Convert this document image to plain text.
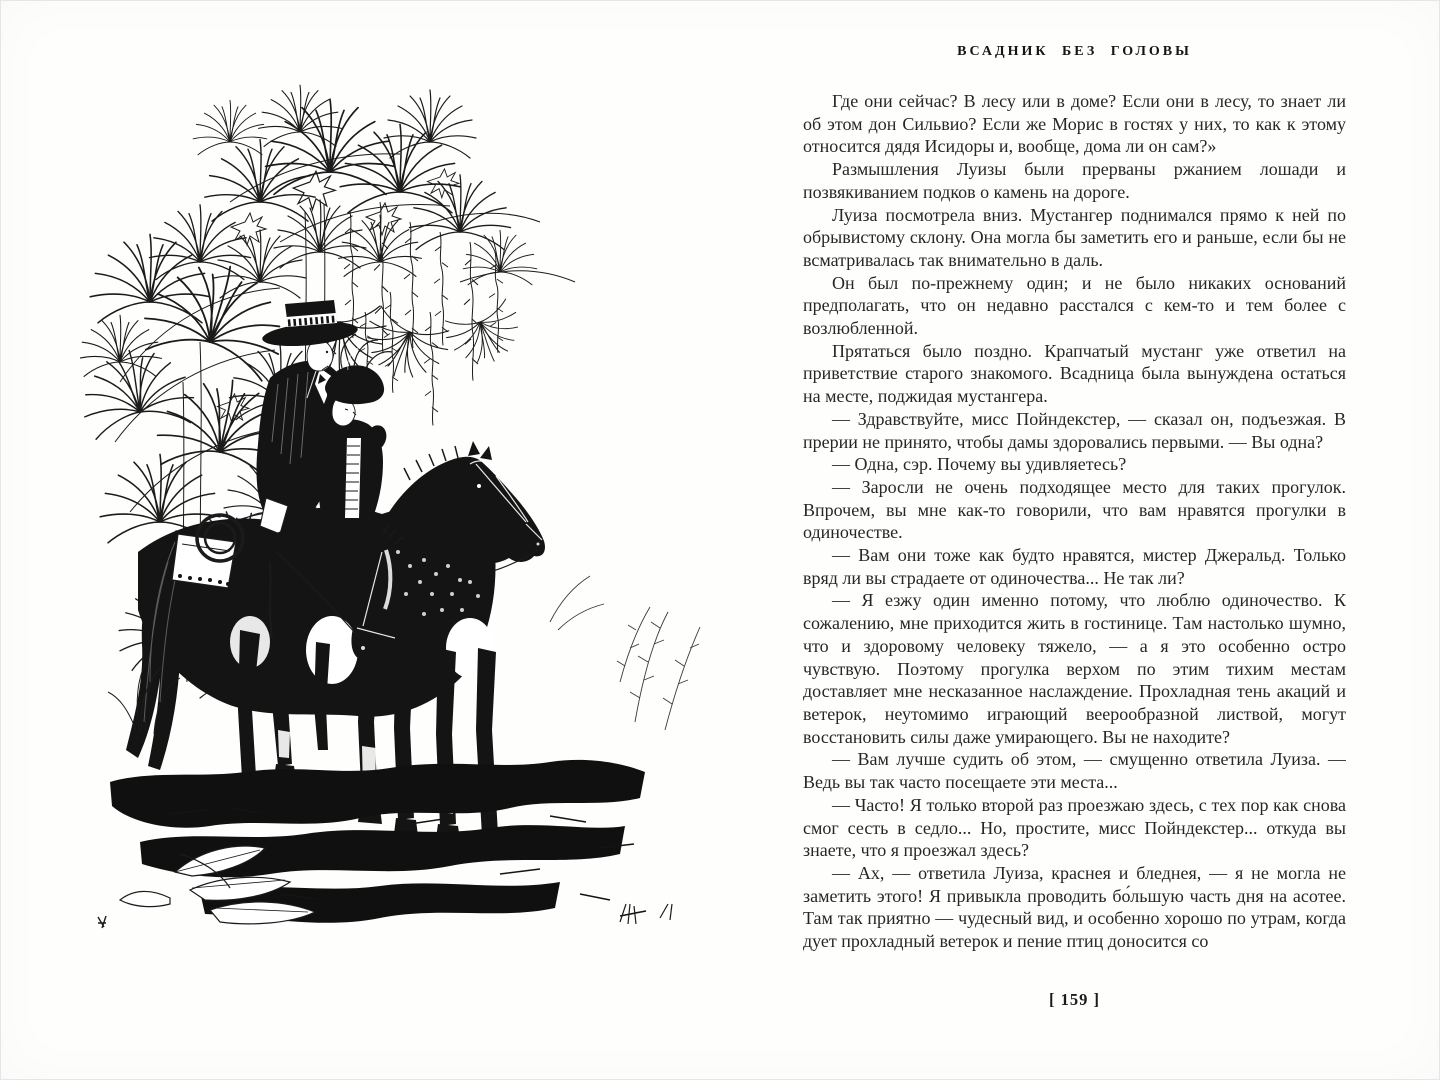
ВСАДНИК БЕЗ ГОЛОВЫ

Где они сейчас? В лесу или в доме? Если они в лесу, то знает ли об этом дон Сильвио? Если же Морис в гостях у них, то как к этому относится дядя Исидоры и, вообще, дома ли он сам?»

Размышления Луизы были прерваны ржанием лошади и позвякиванием подков о камень на дороге.

Луиза посмотрела вниз. Мустангер поднимался прямо к ней по обрывистому склону. Она могла бы заметить его и раньше, если бы не всматривалась так внимательно в даль.

Он был по-прежнему один; и не было никаких оснований предполагать, что он недавно расстался с кем-то и тем более с возлюбленной.

Прятаться было поздно. Крапчатый мустанг уже ответил на приветствие старого знакомого. Всадница была вынуждена остаться на месте, поджидая мустангера.

— Здравствуйте, мисс Пойндекстер, — сказал он, подъезжая. В прерии не принято, чтобы дамы здоровались первыми. — Вы одна?

— Одна, сэр. Почему вы удивляетесь?

— Заросли не очень подходящее место для таких прогулок. Впрочем, вы мне как-то говорили, что вам нравятся прогулки в одиночестве.

— Вам они тоже как будто нравятся, мистер Джеральд. Только вряд ли вы страдаете от одиночества... Не так ли?

— Я езжу один именно потому, что люблю одиночество. К сожалению, мне приходится жить в гостинице. Там настолько шумно, что и здоровому человеку тяжело, — а я это особенно остро чувствую. Поэтому прогулка верхом по этим тихим местам доставляет мне несказанное наслаждение. Прохладная тень акаций и ветерок, неутомимо играющий веерообразной листвой, могут восстановить силы даже умирающего. Вы не находите?

— Вам лучше судить об этом, — смущенно ответила Луиза. — Ведь вы так часто посещаете эти места...

— Часто! Я только второй раз проезжаю здесь, с тех пор как снова смог сесть в седло... Но, простите, мисс Пойндекстер... откуда вы знаете, что я проезжал здесь?

— Ах, — ответила Луиза, краснея и бледнея, — я не могла не заметить этого! Я привыкла проводить бо́льшую часть дня на асотее. Там так приятно — чудесный вид, и особенно хорошо по утрам, когда дует прохладный ветерок и пение птиц доносится со

[ 159 ]
